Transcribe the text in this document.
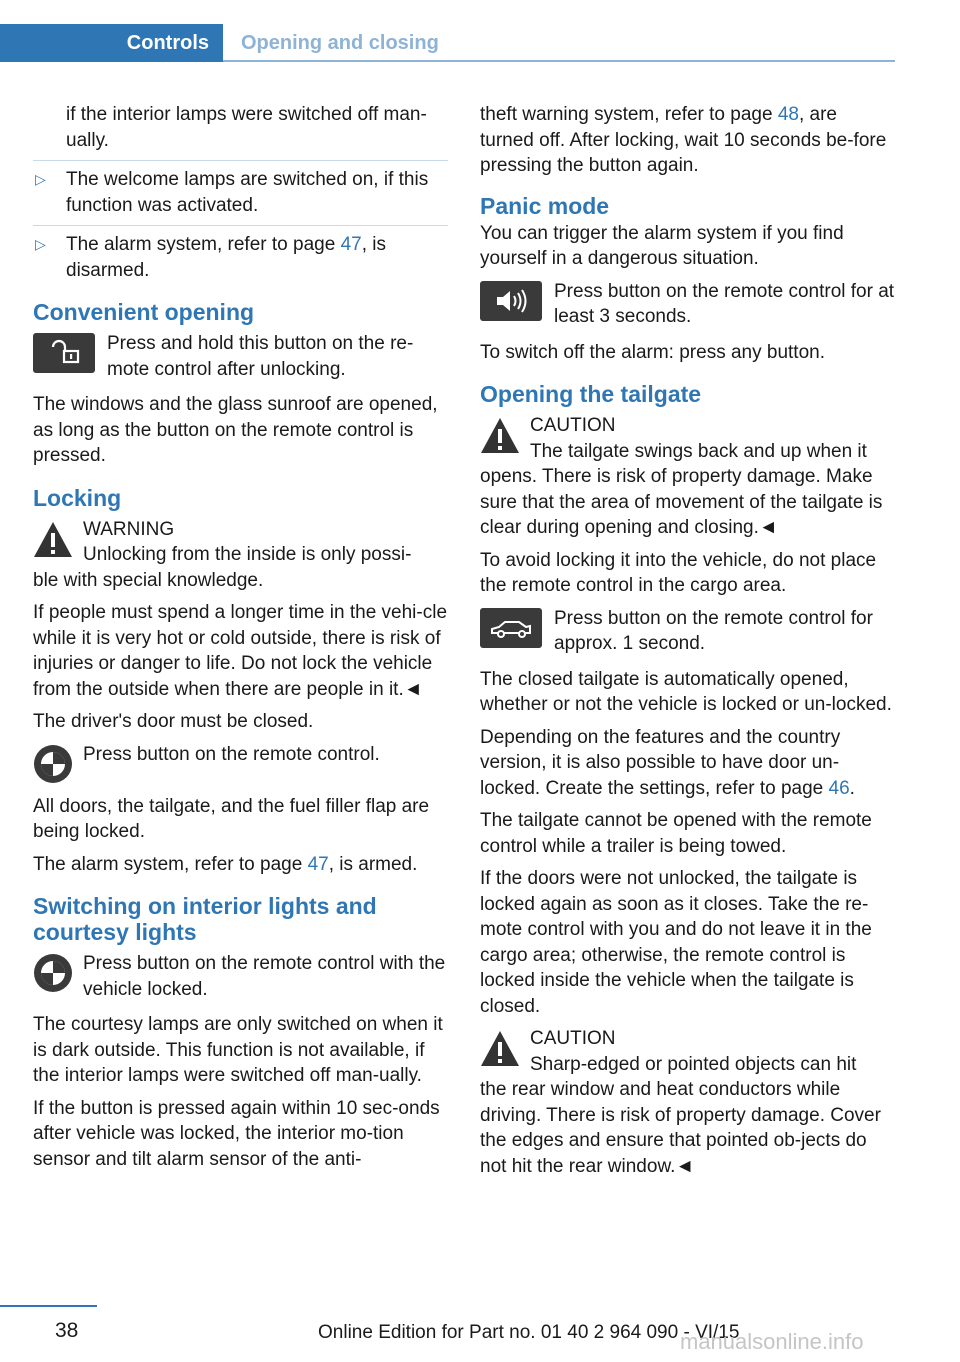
Controls	Opening and closing

if the interior lamps were switched off man‐ually.

▷	The welcome lamps are switched on, if this function was activated.
▷	The alarm system, refer to page 47, is disarmed.
Convenient opening
Press and hold this button on the re‐mote control after unlocking.

The windows and the glass sunroof are opened, as long as the button on the remote control is pressed.

Locking
WARNING
Unlocking from the inside is only possi‐

ble with special knowledge.

If people must spend a longer time in the vehi‐cle while it is very hot or cold outside, there is risk of injuries or danger to life. Do not lock the vehicle from the outside when there are people in it.◄

The driver's door must be closed.

Press button on the remote control.

All doors, the tailgate, and the fuel filler flap are being locked.

The alarm system, refer to page 47, is armed.

Switching on interior lights and courtesy lights
Press button on the remote control with the vehicle locked.

The courtesy lamps are only switched on when it is dark outside. This function is not available, if the interior lamps were switched off man‐ually.

If the button is pressed again within 10 sec‐onds after vehicle was locked, the interior mo‐tion sensor and tilt alarm sensor of the anti-

theft warning system, refer to page 48, are turned off. After locking, wait 10 seconds be‐fore pressing the button again.

Panic mode

You can trigger the alarm system if you find yourself in a dangerous situation.

Press button on the remote control for at least 3 seconds.

To switch off the alarm: press any button.

Opening the tailgate
CAUTION
The tailgate swings back and up when it

opens. There is risk of property damage. Make sure that the area of movement of the tailgate is clear during opening and closing.◄

To avoid locking it into the vehicle, do not place the remote control in the cargo area.

Press button on the remote control for approx. 1 second.

The closed tailgate is automatically opened, whether or not the vehicle is locked or un‐locked.

Depending on the features and the country version, it is also possible to have door un‐locked. Create the settings, refer to page 46.

The tailgate cannot be opened with the remote control while a trailer is being towed.

If the doors were not unlocked, the tailgate is locked again as soon as it closes. Take the re‐mote control with you and do not leave it in the cargo area; otherwise, the remote control is locked inside the vehicle when the tailgate is closed.

CAUTION
Sharp-edged or pointed objects can hit

the rear window and heat conductors while driving. There is risk of property damage. Cover the edges and ensure that pointed ob‐jects do not hit the rear window.◄

38	Online Edition for Part no. 01 40 2 964 090 - VI/15
manualsonline.info
